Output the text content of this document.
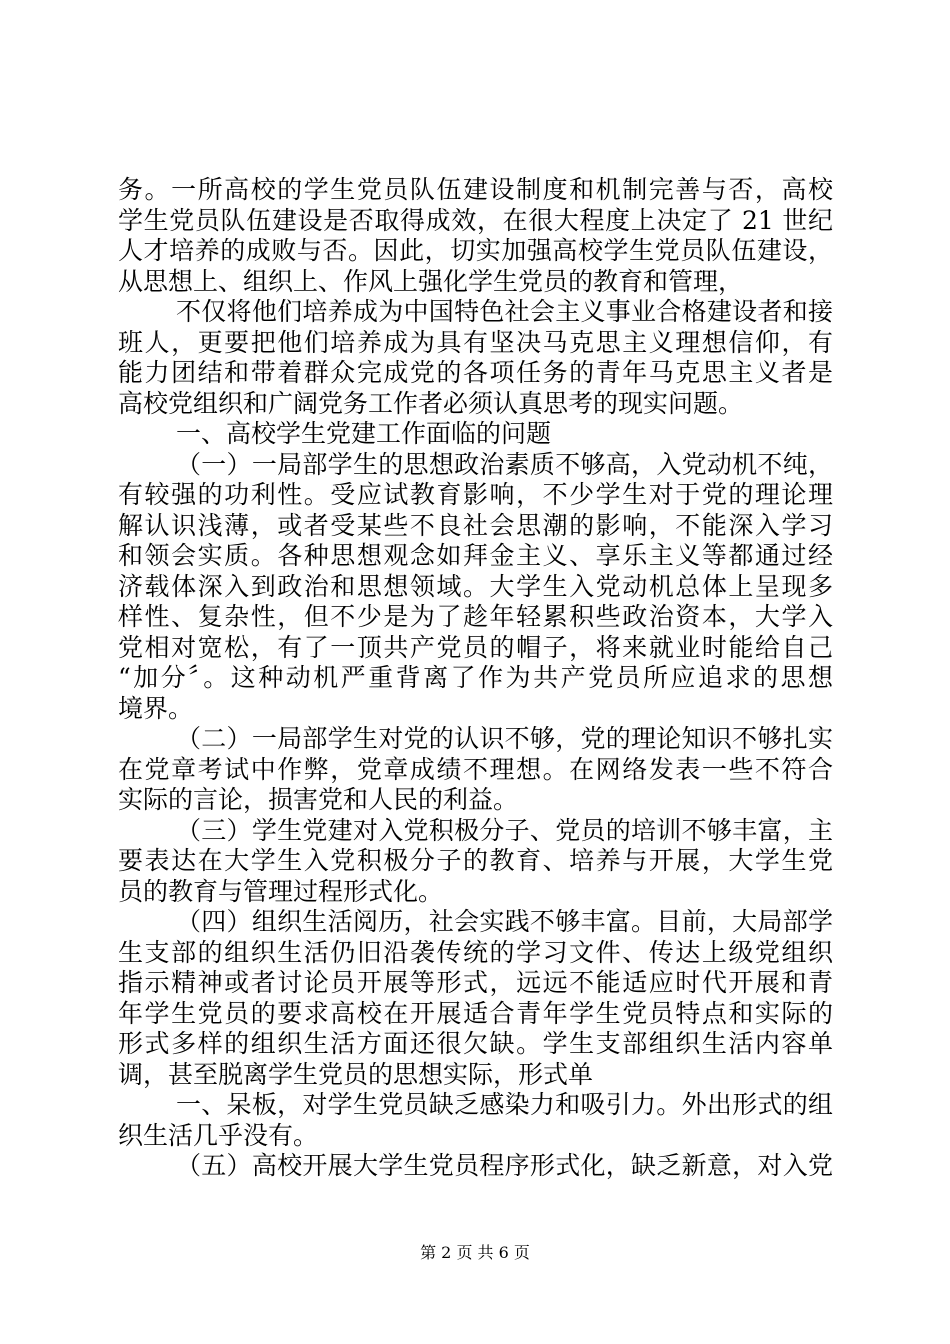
务。一所高校的学生党员队伍建设制度和机制完善与否，高校
学生党员队伍建设是否取得成效，在很大程度上决定了 21 世纪
人才培养的成败与否。因此，切实加强高校学生党员队伍建设，
从思想上、组织上、作风上强化学生党员的教育和管理，
不仅将他们培养成为中国特色社会主义事业合格建设者和接
班人，更要把他们培养成为具有坚决马克思主义理想信仰，有
能力团结和带着群众完成党的各项任务的青年马克思主义者是
高校党组织和广阔党务工作者必须认真思考的现实问题。
一、高校学生党建工作面临的问题
（一）一局部学生的思想政治素质不够高，入党动机不纯，
有较强的功利性。受应试教育影响，不少学生对于党的理论理
解认识浅薄，或者受某些不良社会思潮的影响，不能深入学习
和领会实质。各种思想观念如拜金主义、享乐主义等都通过经
济载体深入到政治和思想领域。大学生入党动机总体上呈现多
样性、复杂性，但不少是为了趁年轻累积些政治资本，大学入
党相对宽松，有了一顶共产党员的帽子，将来就业时能给自己
“加分〞。这种动机严重背离了作为共产党员所应追求的思想
境界。
（二）一局部学生对党的认识不够，党的理论知识不够扎实
在党章考试中作弊，党章成绩不理想。在网络发表一些不符合
实际的言论，损害党和人民的利益。
（三）学生党建对入党积极分子、党员的培训不够丰富，主
要表达在大学生入党积极分子的教育、培养与开展，大学生党
员的教育与管理过程形式化。
（四）组织生活阅历，社会实践不够丰富。目前，大局部学
生支部的组织生活仍旧沿袭传统的学习文件、传达上级党组织
指示精神或者讨论员开展等形式，远远不能适应时代开展和青
年学生党员的要求高校在开展适合青年学生党员特点和实际的
形式多样的组织生活方面还很欠缺。学生支部组织生活内容单
调，甚至脱离学生党员的思想实际，形式单
一、呆板，对学生党员缺乏感染力和吸引力。外出形式的组
织生活几乎没有。
（五）高校开展大学生党员程序形式化，缺乏新意，对入党
第 2 页 共 6 页
